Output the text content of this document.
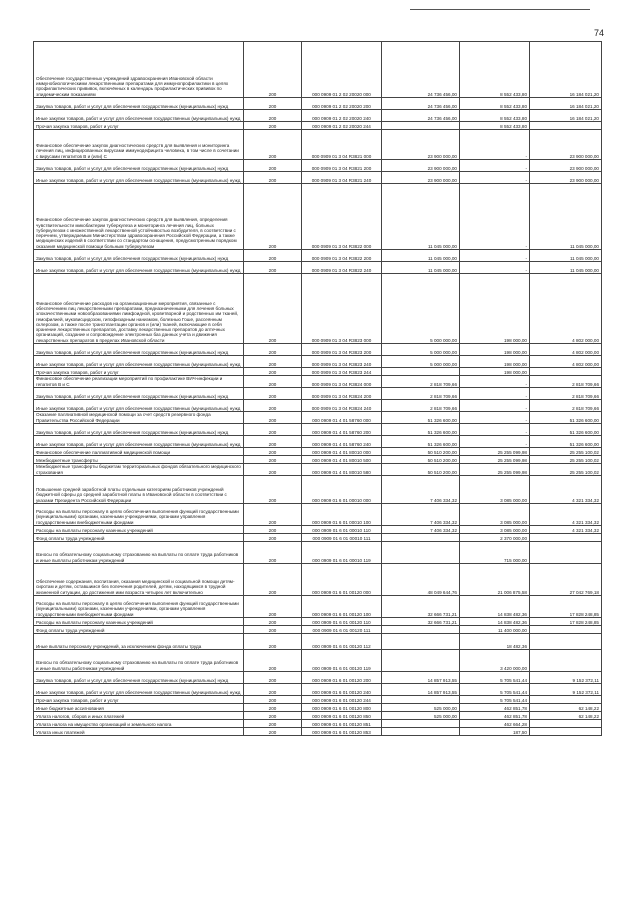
74
Обеспечение государственных учреждений здравоохранения Ивановской области иммунобиологическими лекарственными препаратами для иммунопрофилактики в целях профилактических прививок, включённых в календарь профилактических прививок по эпидемическим показаниям	200	000 0909 01 2 02 20020 000	24 736 456,00	8 552 433,80	16 184 021,20
Закупка товаров, работ и услуг для обеспечения государственных (муниципальных) нужд	200	000 0909 01 2 02 20020 200	24 736 456,00	8 552 433,80	16 184 021,20
Иные закупки товаров, работ и услуг для обеспечения государственных (муниципальных) нужд	200	000 0909 01 2 02 20020 240	24 736 456,00	8 552 433,80	16 184 021,20
Прочая закупка товаров, работ и услуг	200	000 0909 01 2 02 20020 244		8 552 433,80	
Финансовое обеспечение закупок диагностических средств для выявления и мониторинга лечения лиц, инфицированных вирусами иммунодефицита человека, в том числе в сочетании с вирусами гепатитов В и (или) С	200	000 0909 01 3 04 R3821 000	23 900 000,00	-	23 900 000,00
Закупка товаров, работ и услуг для обеспечения государственных (муниципальных) нужд	200	000 0909 01 3 04 R3821 200	23 900 000,00	-	23 900 000,00
Иные закупки товаров, работ и услуг для обеспечения государственных (муниципальных) нужд	200	000 0909 01 3 04 R3821 240	23 900 000,00	-	23 900 000,00
Финансовое обеспечение закупок диагностических средств для выявления, определения чувствительности микобактерии туберкулеза и мониторинга лечения лиц, больных туберкулезом с множественной лекарственной устойчивостью возбудителя, в соответствии с перечнем, утверждаемым Министерством здравоохранения Российской Федерации, а также медицинских изделий в соответствии со стандартом оснащения, предусмотренным порядком оказания медицинской помощи больным туберкулезом	200	000 0909 01 3 04 R3822 000	11 045 000,00	-	11 045 000,00
Закупка товаров, работ и услуг для обеспечения государственных (муниципальных) нужд	200	000 0909 01 3 04 R3822 200	11 045 000,00	-	11 045 000,00
Иные закупки товаров, работ и услуг для обеспечения государственных (муниципальных) нужд	200	000 0909 01 3 04 R3822 240	11 045 000,00	-	11 045 000,00
Финансовое обеспечение расходов на организационные мероприятия, связанные с обеспечением лиц лекарственными препаратами, предназначенными для лечения больных злокачественными новообразованиями лимфоидной, кроветворной и родственных им тканей, гемофилией, муковисцидозом, гипофизарным нанизмом, болезнью Гоше, рассеянным склерозом, а также после трансплантации органов и (или) тканей, включающие в себя хранение лекарственных препаратов, доставку лекарственных препаратов до аптечных организаций, создание и сопровождение электронных баз данных учета и движения лекарственных препаратов в пределах Ивановской области	200	000 0909 01 3 04 R3823 000	5 000 000,00	198 000,00	4 802 000,00
Закупка товаров, работ и услуг для обеспечения государственных (муниципальных) нужд	200	000 0909 01 3 04 R3823 200	5 000 000,00	198 000,00	4 802 000,00
Иные закупки товаров, работ и услуг для обеспечения государственных (муниципальных) нужд	200	000 0909 01 3 04 R3823 240	5 000 000,00	198 000,00	4 802 000,00
Прочая закупка товаров, работ и услуг	200	000 0909 01 3 04 R3823 244		198 000,00	
Финансовое обеспечение реализации мероприятий по профилактике ВИЧ-инфекции и гепатитов В и С	200	000 0909 01 3 04 R3824 000	2 818 709,66	-	2 818 709,66
Закупка товаров, работ и услуг для обеспечения государственных (муниципальных) нужд	200	000 0909 01 3 04 R3824 200	2 818 709,66	-	2 818 709,66
Иные закупки товаров, работ и услуг для обеспечения государственных (муниципальных) нужд	200	000 0909 01 3 04 R3824 240	2 818 709,66	-	2 818 709,66
Оказание паллиативной медицинской помощи за счет средств резервного фонда Правительства Российской Федерации	200	000 0909 01 4 01 58760 000	51 326 600,00	-	51 326 600,00
Закупка товаров, работ и услуг для обеспечения государственных (муниципальных) нужд	200	000 0909 01 4 01 58760 200	51 326 600,00	-	51 326 600,00
Иные закупки товаров, работ и услуг для обеспечения государственных (муниципальных) нужд	200	000 0909 01 4 01 58760 240	51 326 600,00	-	51 326 600,00
Финансовое обеспечение паллиативной медицинской помощи	200	000 0909 01 4 01 80010 000	50 510 200,00	25 255 099,98	25 255 100,02
Межбюджетные трансферты	200	000 0909 01 4 01 80010 500	50 510 200,00	25 255 099,98	25 255 100,02
Межбюджетные трансферты бюджетам территориальных фондов обязательного медицинского страхования	200	000 0909 01 4 01 80010 580	50 510 200,00	25 255 099,98	25 255 100,02
Повышение средней заработной платы отдельным категориям работников учреждений бюджетной сферы до средней заработной платы в Ивановской области в соответствии с указами Президента Российской Федерации	200	000 0909 01 6 01 00010 000	7 406 334,32	3 085 000,00	4 321 334,32
Расходы на выплаты персоналу в целях обеспечения выполнения функций государственными (муниципальными) органами, казенными учреждениями, органами управления государственными внебюджетными фондами	200	000 0909 01 6 01 00010 100	7 406 334,32	3 085 000,00	4 321 334,32
Расходы на выплаты персоналу казенных учреждений	200	000 0909 01 6 01 00010 110	7 406 334,32	3 085 000,00	4 321 334,32
Фонд оплаты труда учреждений	200	000 0909 01 6 01 00010 111		2 370 000,00	
Взносы по обязательному социальному страхованию на выплаты по оплате труда работников и иные выплаты работникам учреждений	200	000 0909 01 6 01 00010 119		715 000,00	
Обеспечение содержания, воспитания, оказания медицинской и социальной помощи детям-сиротам и детям, оставшимся без попечения родителей, детям, находящимся в трудной жизненной ситуации, до достижения ими возраста четырех лет включительно	200	000 0909 01 6 01 00120 000	48 049 644,76	21 006 875,58	27 042 769,18
Расходы на выплаты персоналу в целях обеспечения выполнения функций государственными (муниципальными) органами, казенными учреждениями, органами управления государственными внебюджетными фондами	200	000 0909 01 6 01 00120 100	32 666 731,21	14 838 482,36	17 828 248,85
Расходы на выплаты персоналу казенных учреждений	200	000 0909 01 6 01 00120 110	32 666 731,21	14 838 482,36	17 828 248,85
Фонд оплаты труда учреждений	200	000 0909 01 6 01 00120 111		11 400 000,00	
Иные выплаты персоналу учреждений, за исключением фонда оплаты труда	200	000 0909 01 6 01 00120 112		18 482,36	
Взносы по обязательному социальному страхованию на выплаты по оплате труда работников и иные выплаты работникам учреждений	200	000 0909 01 6 01 00120 119		3 420 000,00	
Закупка товаров, работ и услуг для обеспечения государственных (муниципальных) нужд	200	000 0909 01 6 01 00120 200	14 857 913,55	5 705 541,44	9 152 372,11
Иные закупки товаров, работ и услуг для обеспечения государственных (муниципальных) нужд	200	000 0909 01 6 01 00120 240	14 857 913,55	5 705 541,44	9 152 372,11
Прочая закупка товаров, работ и услуг	200	000 0909 01 6 01 00120 244		5 705 541,44	
Иные бюджетные ассигнования	200	000 0909 01 6 01 00120 800	525 000,00	462 851,78	62 148,22
Уплата налогов, сборов и иных платежей	200	000 0909 01 6 01 00120 850	525 000,00	462 851,78	62 148,22
Уплата налога на имущество организаций и земельного налога	200	000 0909 01 6 01 00120 851		462 664,28	
Уплата иных платежей	200	000 0909 01 6 01 00120 853		187,50	
